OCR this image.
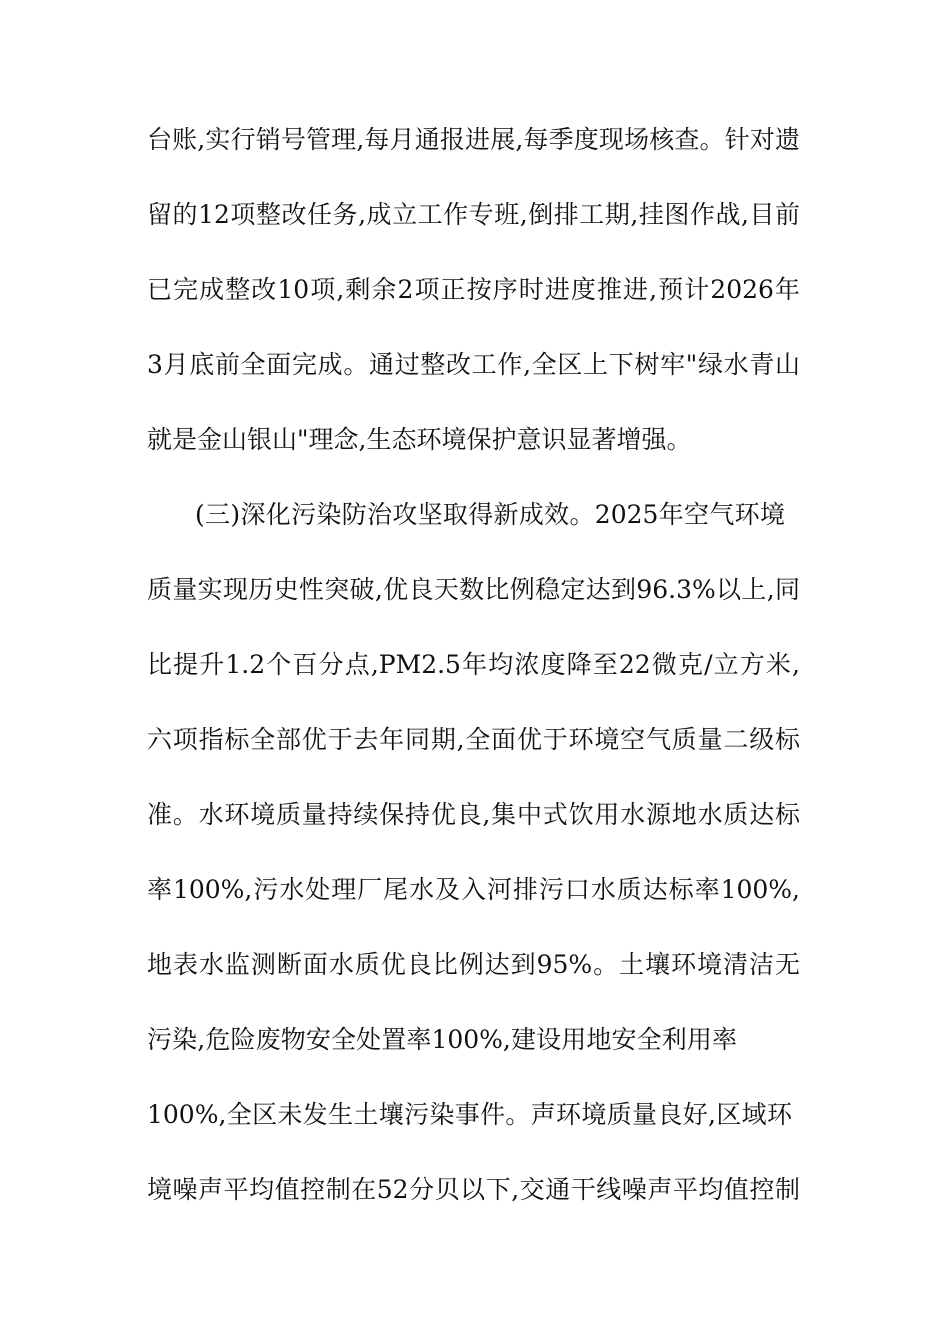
台账,实行销号管理,每月通报进展,每季度现场核查。针对遗
留的12项整改任务,成立工作专班,倒排工期,挂图作战,目前
已完成整改10项,剩余2项正按序时进度推进,预计2026年
3月底前全面完成。通过整改工作,全区上下树牢"绿水青山
就是金山银山"理念,生态环境保护意识显著增强。
(三)深化污染防治攻坚取得新成效。2025年空气环境
质量实现历史性突破,优良天数比例稳定达到96.3%以上,同
比提升1.2个百分点,PM2.5年均浓度降至22微克/立方米,
六项指标全部优于去年同期,全面优于环境空气质量二级标
准。水环境质量持续保持优良,集中式饮用水源地水质达标
率100%,污水处理厂尾水及入河排污口水质达标率100%,
地表水监测断面水质优良比例达到95%。土壤环境清洁无
污染,危险废物安全处置率100%,建设用地安全利用率
100%,全区未发生土壤污染事件。声环境质量良好,区域环
境噪声平均值控制在52分贝以下,交通干线噪声平均值控制
